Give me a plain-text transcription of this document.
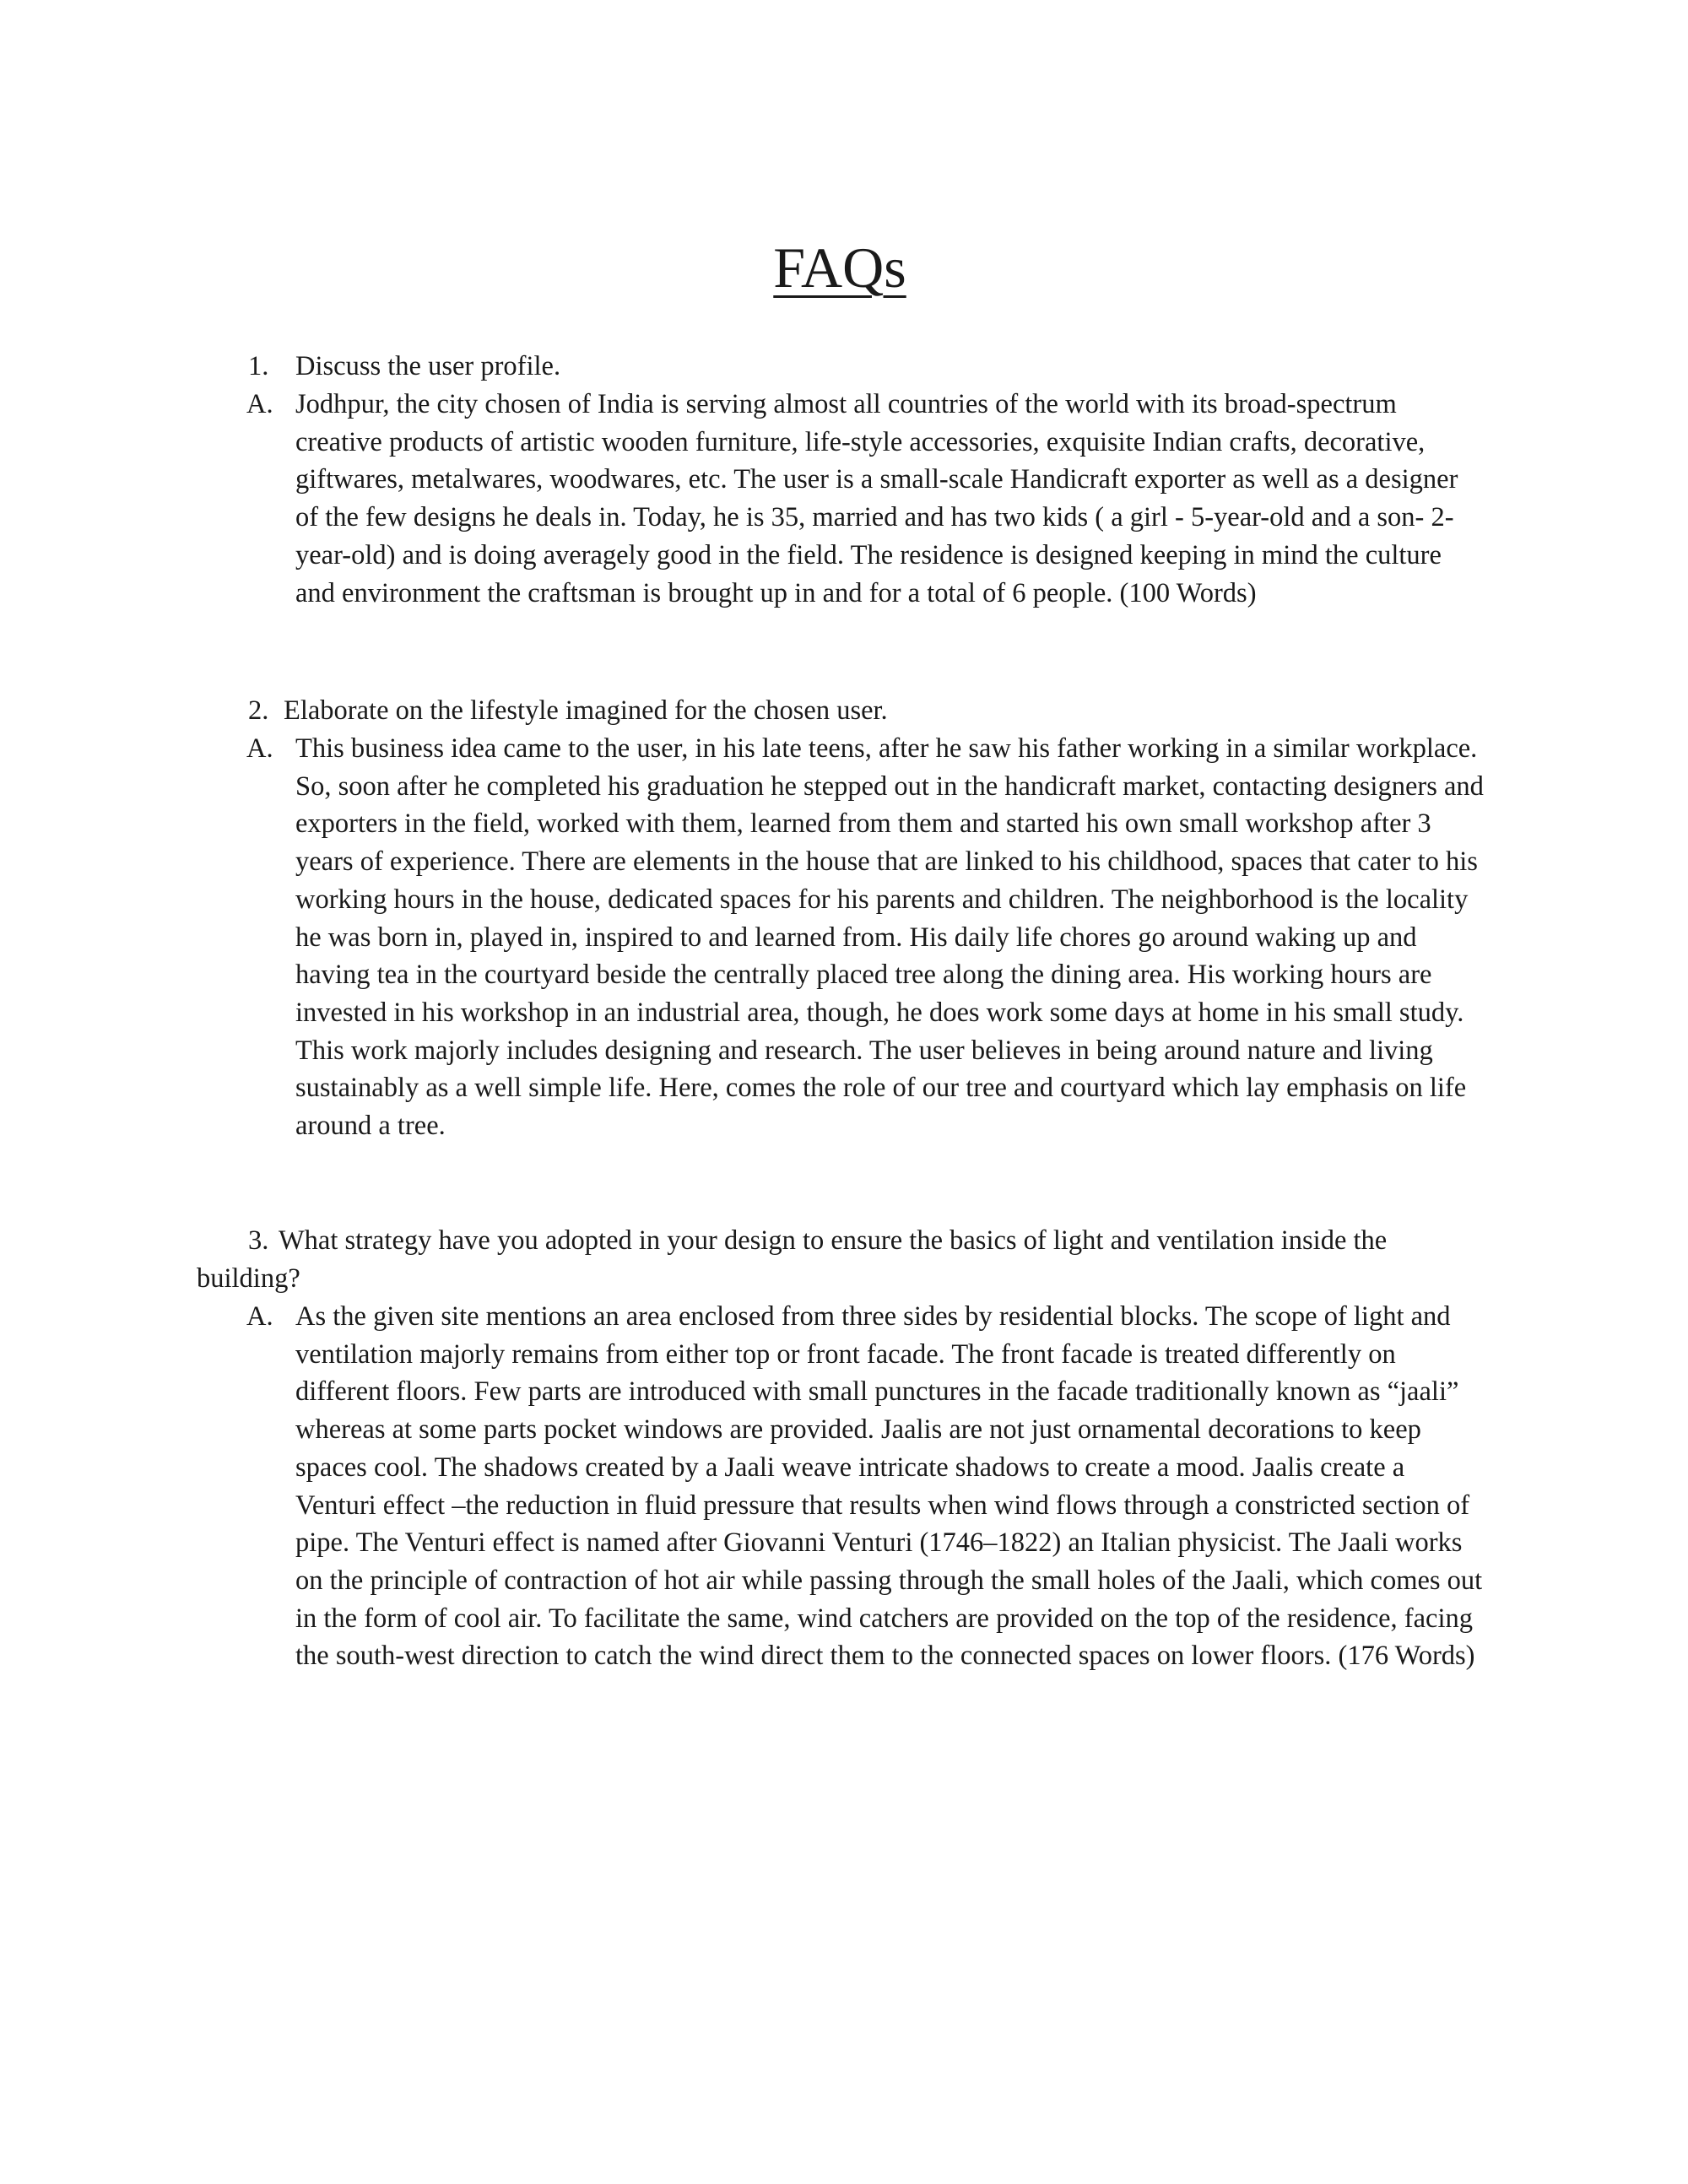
FAQs
1. Discuss the user profile.
A. Jodhpur, the city chosen of India is serving almost all countries of the world with its broad-spectrum creative products of artistic wooden furniture, life-style accessories, exquisite Indian crafts, decorative, giftwares, metalwares, woodwares, etc. The user is a small-scale Handicraft exporter as well as a designer of the few designs he deals in. Today, he is 35, married and has two kids ( a girl - 5-year-old and a son- 2-year-old) and is doing averagely good in the field. The residence is designed keeping in mind the culture and environment the craftsman is brought up in and for a total of 6 people. (100 Words)
2. Elaborate on the lifestyle imagined for the chosen user.
A. This business idea came to the user, in his late teens, after he saw his father working in a similar workplace. So, soon after he completed his graduation he stepped out in the handicraft market, contacting designers and exporters in the field, worked with them, learned from them and started his own small workshop after 3 years of experience. There are elements in the house that are linked to his childhood, spaces that cater to his working hours in the house, dedicated spaces for his parents and children. The neighborhood is the locality he was born in, played in, inspired to and learned from. His daily life chores go around waking up and having tea in the courtyard beside the centrally placed tree along the dining area. His working hours are invested in his workshop in an industrial area, though, he does work some days at home in his small study. This work majorly includes designing and research. The user believes in being around nature and living sustainably as a well simple life. Here, comes the role of our tree and courtyard which lay emphasis on life around a tree.
3. What strategy have you adopted in your design to ensure the basics of light and ventilation inside the
building?
A. As the given site mentions an area enclosed from three sides by residential blocks. The scope of light and ventilation majorly remains from either top or front facade. The front facade is treated differently on different floors. Few parts are introduced with small punctures in the facade traditionally known as “jaali” whereas at some parts pocket windows are provided. Jaalis are not just ornamental decorations to keep spaces cool. The shadows created by a Jaali weave intricate shadows to create a mood. Jaalis create a Venturi effect –the reduction in fluid pressure that results when wind flows through a constricted section of pipe. The Venturi effect is named after Giovanni Venturi (1746–1822) an Italian physicist. The Jaali works on the principle of contraction of hot air while passing through the small holes of the Jaali, which comes out in the form of cool air. To facilitate the same, wind catchers are provided on the top of the residence, facing the south-west direction to catch the wind direct them to the connected spaces on lower floors. (176 Words)
